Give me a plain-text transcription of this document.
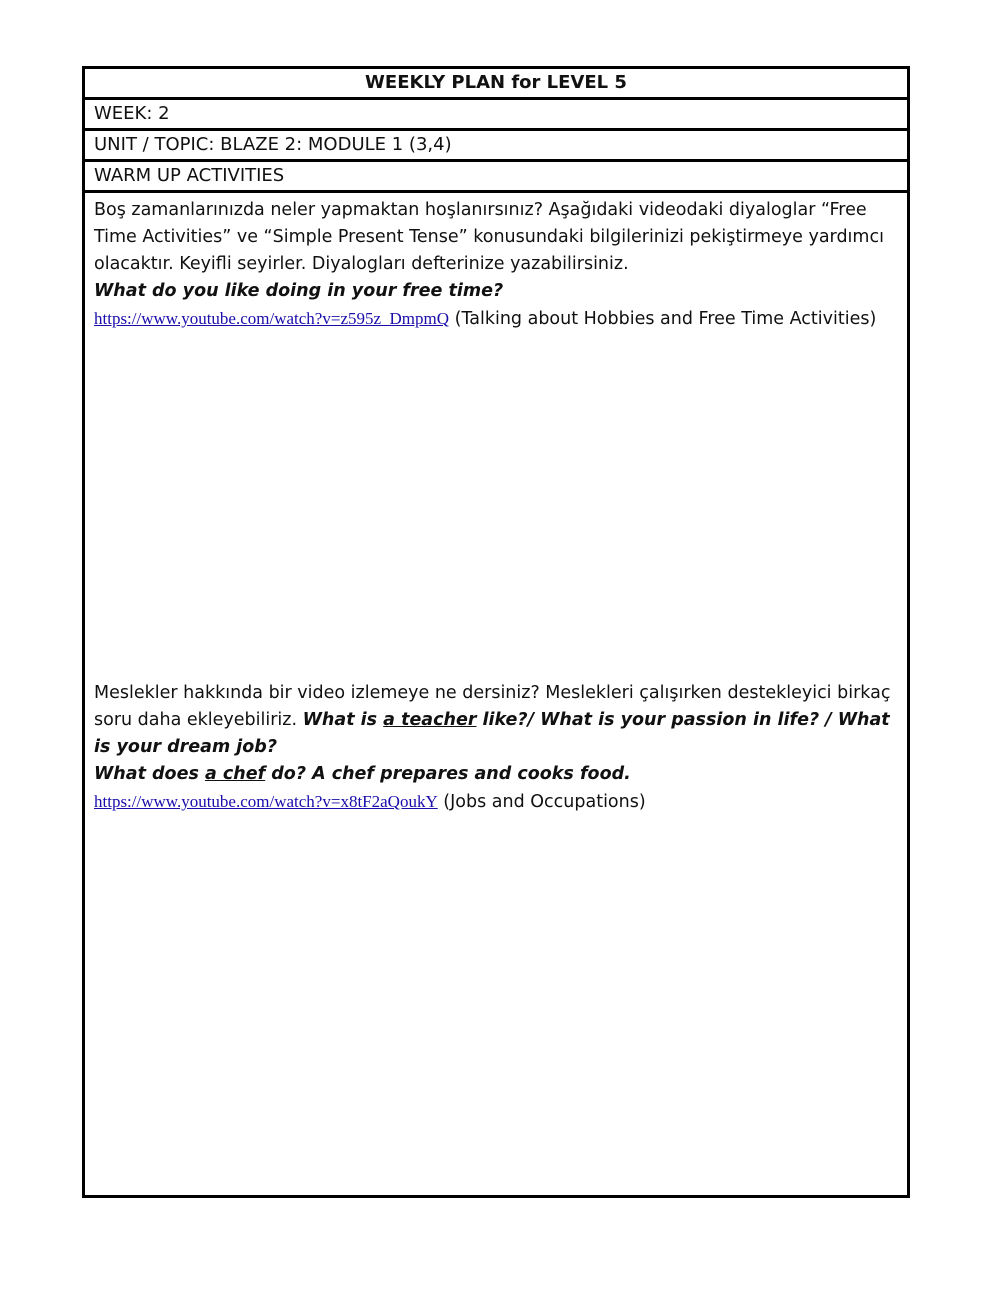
WEEKLY PLAN for LEVEL 5
WEEK: 2
UNIT / TOPIC: BLAZE 2: MODULE 1 (3,4)
WARM UP ACTIVITIES

Boş zamanlarınızda neler yapmaktan hoşlanırsınız? Aşağıdaki videodaki diyaloglar “Free Time Activities” ve “Simple Present Tense” konusundaki bilgilerinizi pekiştirmeye yardımcı olacaktır. Keyifli seyirler. Diyalogları defterinize yazabilirsiniz.

What do you like doing in your free time?

https://www.youtube.com/watch?v=z595z_DmpmQ (Talking about Hobbies and Free Time Activities)

Meslekler hakkında bir video izlemeye ne dersiniz? Meslekleri çalışırken destekleyici birkaç soru daha ekleyebiliriz. What is a teacher like?/ What is your passion in life? / What is your dream job?

What does a chef do? A chef prepares and cooks food.

https://www.youtube.com/watch?v=x8tF2aQoukY (Jobs and Occupations)
